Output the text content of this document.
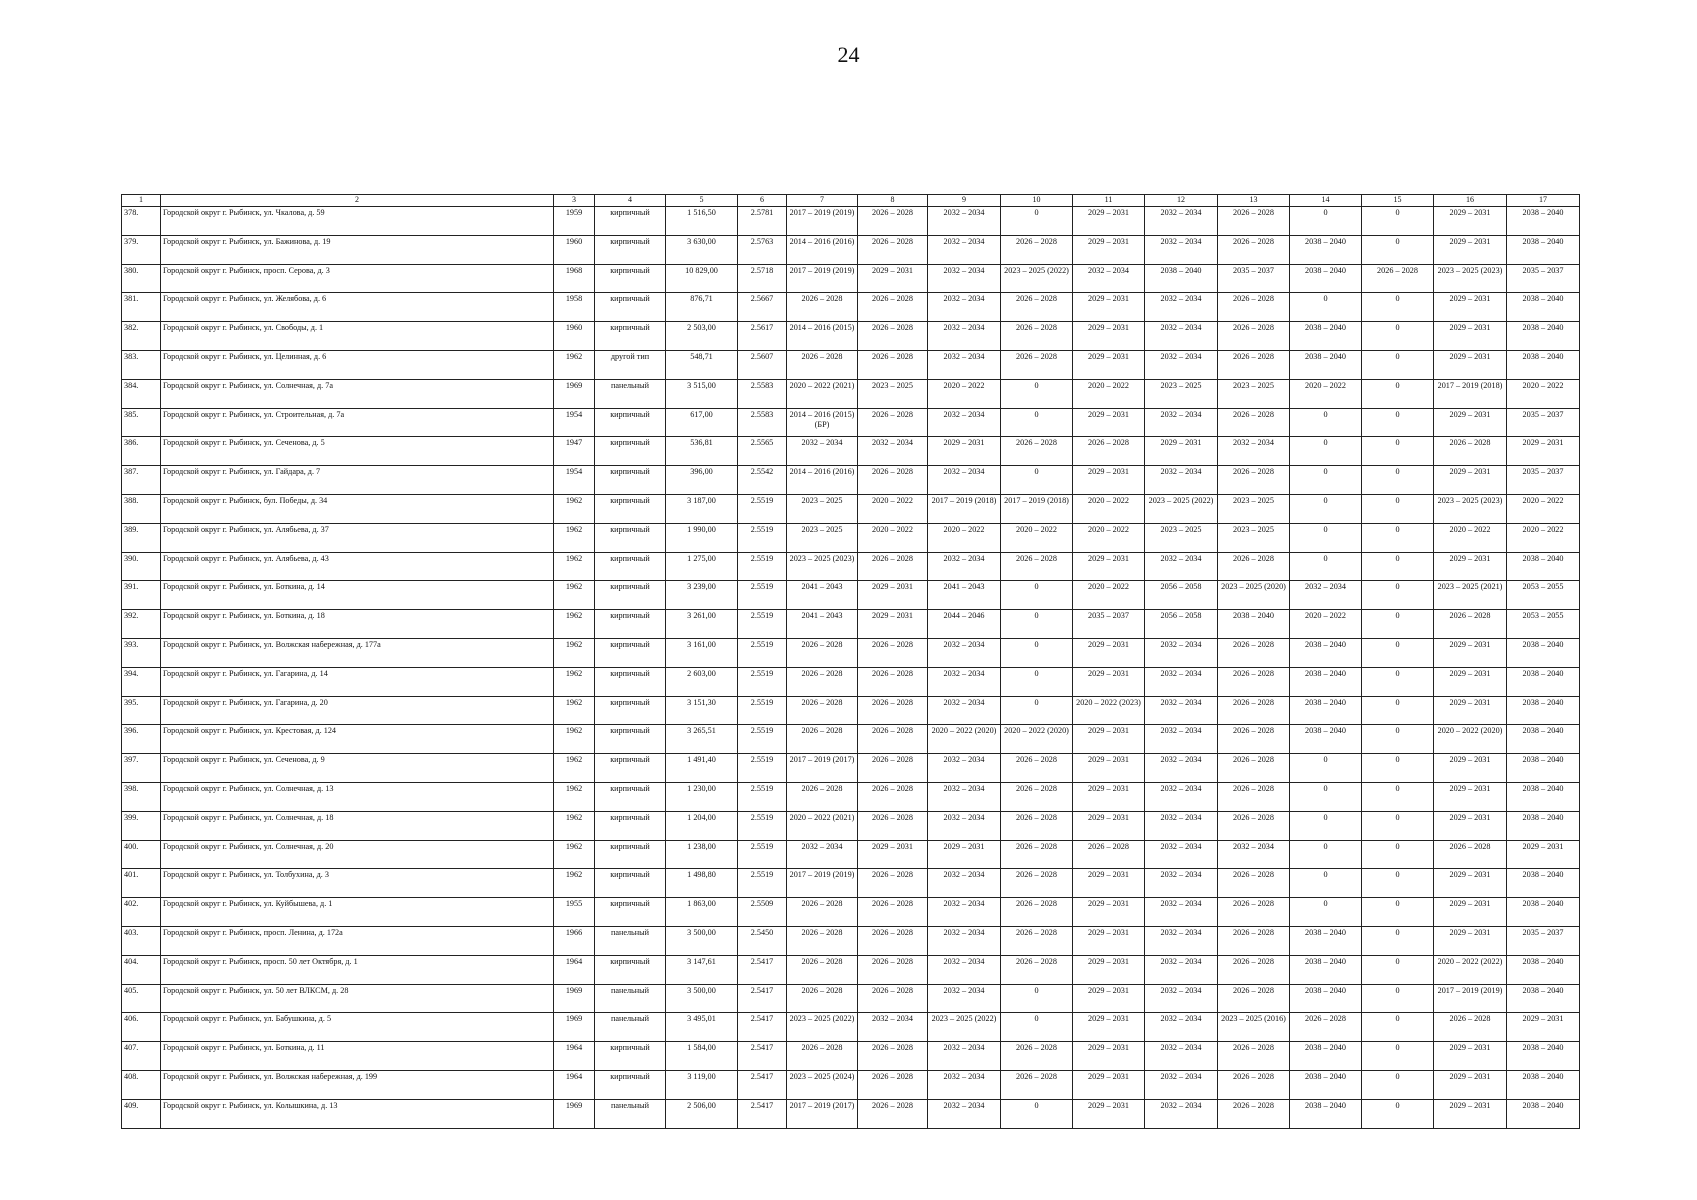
24
1	2	3	4	5	6	7	8	9	10	11	12	13	14	15	16	17
378.	Городской округ г. Рыбинск, ул. Чкалова, д. 59	1959	кирпичный	1 516,50	2.5781	2017 – 2019 (2019)	2026 – 2028	2032 – 2034	0	2029 – 2031	2032 – 2034	2026 – 2028	0	0	2029 – 2031	2038 – 2040
379.	Городской округ г. Рыбинск, ул. Бажинова, д. 19	1960	кирпичный	3 630,00	2.5763	2014 – 2016 (2016)	2026 – 2028	2032 – 2034	2026 – 2028	2029 – 2031	2032 – 2034	2026 – 2028	2038 – 2040	0	2029 – 2031	2038 – 2040
380.	Городской округ г. Рыбинск, просп. Серова, д. 3	1968	кирпичный	10 829,00	2.5718	2017 – 2019 (2019)	2029 – 2031	2032 – 2034	2023 – 2025 (2022)	2032 – 2034	2038 – 2040	2035 – 2037	2038 – 2040	2026 – 2028	2023 – 2025 (2023)	2035 – 2037
381.	Городской округ г. Рыбинск, ул. Желябова, д. 6	1958	кирпичный	876,71	2.5667	2026 – 2028	2026 – 2028	2032 – 2034	2026 – 2028	2029 – 2031	2032 – 2034	2026 – 2028	0	0	2029 – 2031	2038 – 2040
382.	Городской округ г. Рыбинск, ул. Свободы, д. 1	1960	кирпичный	2 503,00	2.5617	2014 – 2016 (2015)	2026 – 2028	2032 – 2034	2026 – 2028	2029 – 2031	2032 – 2034	2026 – 2028	2038 – 2040	0	2029 – 2031	2038 – 2040
383.	Городской округ г. Рыбинск, ул. Целинная, д. 6	1962	другой тип	548,71	2.5607	2026 – 2028	2026 – 2028	2032 – 2034	2026 – 2028	2029 – 2031	2032 – 2034	2026 – 2028	2038 – 2040	0	2029 – 2031	2038 – 2040
384.	Городской округ г. Рыбинск, ул. Солнечная, д. 7а	1969	панельный	3 515,00	2.5583	2020 – 2022 (2021)	2023 – 2025	2020 – 2022	0	2020 – 2022	2023 – 2025	2023 – 2025	2020 – 2022	0	2017 – 2019 (2018)	2020 – 2022
385.	Городской округ г. Рыбинск, ул. Строительная, д. 7а	1954	кирпичный	617,00	2.5583	2014 – 2016 (2015)(БР)	2026 – 2028	2032 – 2034	0	2029 – 2031	2032 – 2034	2026 – 2028	0	0	2029 – 2031	2035 – 2037
386.	Городской округ г. Рыбинск, ул. Сеченова, д. 5	1947	кирпичный	536,81	2.5565	2032 – 2034	2032 – 2034	2029 – 2031	2026 – 2028	2026 – 2028	2029 – 2031	2032 – 2034	0	0	2026 – 2028	2029 – 2031
387.	Городской округ г. Рыбинск, ул. Гайдара, д. 7	1954	кирпичный	396,00	2.5542	2014 – 2016 (2016)	2026 – 2028	2032 – 2034	0	2029 – 2031	2032 – 2034	2026 – 2028	0	0	2029 – 2031	2035 – 2037
388.	Городской округ г. Рыбинск, бул. Победы, д. 34	1962	кирпичный	3 187,00	2.5519	2023 – 2025	2020 – 2022	2017 – 2019 (2018)	2017 – 2019 (2018)	2020 – 2022	2023 – 2025 (2022)	2023 – 2025	0	0	2023 – 2025 (2023)	2020 – 2022
389.	Городской округ г. Рыбинск, ул. Алябьева, д. 37	1962	кирпичный	1 990,00	2.5519	2023 – 2025	2020 – 2022	2020 – 2022	2020 – 2022	2020 – 2022	2023 – 2025	2023 – 2025	0	0	2020 – 2022	2020 – 2022
390.	Городской округ г. Рыбинск, ул. Алябьева, д. 43	1962	кирпичный	1 275,00	2.5519	2023 – 2025 (2023)	2026 – 2028	2032 – 2034	2026 – 2028	2029 – 2031	2032 – 2034	2026 – 2028	0	0	2029 – 2031	2038 – 2040
391.	Городской округ г. Рыбинск, ул. Боткина, д. 14	1962	кирпичный	3 239,00	2.5519	2041 – 2043	2029 – 2031	2041 – 2043	0	2020 – 2022	2056 – 2058	2023 – 2025 (2020)	2032 – 2034	0	2023 – 2025 (2021)	2053 – 2055
392.	Городской округ г. Рыбинск, ул. Боткина, д. 18	1962	кирпичный	3 261,00	2.5519	2041 – 2043	2029 – 2031	2044 – 2046	0	2035 – 2037	2056 – 2058	2038 – 2040	2020 – 2022	0	2026 – 2028	2053 – 2055
393.	Городской округ г. Рыбинск, ул. Волжская набережная, д. 177а	1962	кирпичный	3 161,00	2.5519	2026 – 2028	2026 – 2028	2032 – 2034	0	2029 – 2031	2032 – 2034	2026 – 2028	2038 – 2040	0	2029 – 2031	2038 – 2040
394.	Городской округ г. Рыбинск, ул. Гагарина, д. 14	1962	кирпичный	2 603,00	2.5519	2026 – 2028	2026 – 2028	2032 – 2034	0	2029 – 2031	2032 – 2034	2026 – 2028	2038 – 2040	0	2029 – 2031	2038 – 2040
395.	Городской округ г. Рыбинск, ул. Гагарина, д. 20	1962	кирпичный	3 151,30	2.5519	2026 – 2028	2026 – 2028	2032 – 2034	0	2020 – 2022 (2023)	2032 – 2034	2026 – 2028	2038 – 2040	0	2029 – 2031	2038 – 2040
396.	Городской округ г. Рыбинск, ул. Крестовая, д. 124	1962	кирпичный	3 265,51	2.5519	2026 – 2028	2026 – 2028	2020 – 2022 (2020)	2020 – 2022 (2020)	2029 – 2031	2032 – 2034	2026 – 2028	2038 – 2040	0	2020 – 2022 (2020)	2038 – 2040
397.	Городской округ г. Рыбинск, ул. Сеченова, д. 9	1962	кирпичный	1 491,40	2.5519	2017 – 2019 (2017)	2026 – 2028	2032 – 2034	2026 – 2028	2029 – 2031	2032 – 2034	2026 – 2028	0	0	2029 – 2031	2038 – 2040
398.	Городской округ г. Рыбинск, ул. Солнечная, д. 13	1962	кирпичный	1 230,00	2.5519	2026 – 2028	2026 – 2028	2032 – 2034	2026 – 2028	2029 – 2031	2032 – 2034	2026 – 2028	0	0	2029 – 2031	2038 – 2040
399.	Городской округ г. Рыбинск, ул. Солнечная, д. 18	1962	кирпичный	1 204,00	2.5519	2020 – 2022 (2021)	2026 – 2028	2032 – 2034	2026 – 2028	2029 – 2031	2032 – 2034	2026 – 2028	0	0	2029 – 2031	2038 – 2040
400.	Городской округ г. Рыбинск, ул. Солнечная, д. 20	1962	кирпичный	1 238,00	2.5519	2032 – 2034	2029 – 2031	2029 – 2031	2026 – 2028	2026 – 2028	2032 – 2034	2032 – 2034	0	0	2026 – 2028	2029 – 2031
401.	Городской округ г. Рыбинск, ул. Толбухина, д. 3	1962	кирпичный	1 498,80	2.5519	2017 – 2019 (2019)	2026 – 2028	2032 – 2034	2026 – 2028	2029 – 2031	2032 – 2034	2026 – 2028	0	0	2029 – 2031	2038 – 2040
402.	Городской округ г. Рыбинск, ул. Куйбышева, д. 1	1955	кирпичный	1 863,00	2.5509	2026 – 2028	2026 – 2028	2032 – 2034	2026 – 2028	2029 – 2031	2032 – 2034	2026 – 2028	0	0	2029 – 2031	2038 – 2040
403.	Городской округ г. Рыбинск, просп. Ленина, д. 172а	1966	панельный	3 500,00	2.5450	2026 – 2028	2026 – 2028	2032 – 2034	2026 – 2028	2029 – 2031	2032 – 2034	2026 – 2028	2038 – 2040	0	2029 – 2031	2035 – 2037
404.	Городской округ г. Рыбинск, просп. 50 лет Октября, д. 1	1964	кирпичный	3 147,61	2.5417	2026 – 2028	2026 – 2028	2032 – 2034	2026 – 2028	2029 – 2031	2032 – 2034	2026 – 2028	2038 – 2040	0	2020 – 2022 (2022)	2038 – 2040
405.	Городской округ г. Рыбинск, ул. 50 лет ВЛКСМ, д. 28	1969	панельный	3 500,00	2.5417	2026 – 2028	2026 – 2028	2032 – 2034	0	2029 – 2031	2032 – 2034	2026 – 2028	2038 – 2040	0	2017 – 2019 (2019)	2038 – 2040
406.	Городской округ г. Рыбинск, ул. Бабушкина, д. 5	1969	панельный	3 495,01	2.5417	2023 – 2025 (2022)	2032 – 2034	2023 – 2025 (2022)	0	2029 – 2031	2032 – 2034	2023 – 2025 (2016)	2026 – 2028	0	2026 – 2028	2029 – 2031
407.	Городской округ г. Рыбинск, ул. Боткина, д. 11	1964	кирпичный	1 584,00	2.5417	2026 – 2028	2026 – 2028	2032 – 2034	2026 – 2028	2029 – 2031	2032 – 2034	2026 – 2028	2038 – 2040	0	2029 – 2031	2038 – 2040
408.	Городской округ г. Рыбинск, ул. Волжская набережная, д. 199	1964	кирпичный	3 119,00	2.5417	2023 – 2025 (2024)	2026 – 2028	2032 – 2034	2026 – 2028	2029 – 2031	2032 – 2034	2026 – 2028	2038 – 2040	0	2029 – 2031	2038 – 2040
409.	Городской округ г. Рыбинск, ул. Колышкина, д. 13	1969	панельный	2 506,00	2.5417	2017 – 2019 (2017)	2026 – 2028	2032 – 2034	0	2029 – 2031	2032 – 2034	2026 – 2028	2038 – 2040	0	2029 – 2031	2038 – 2040
